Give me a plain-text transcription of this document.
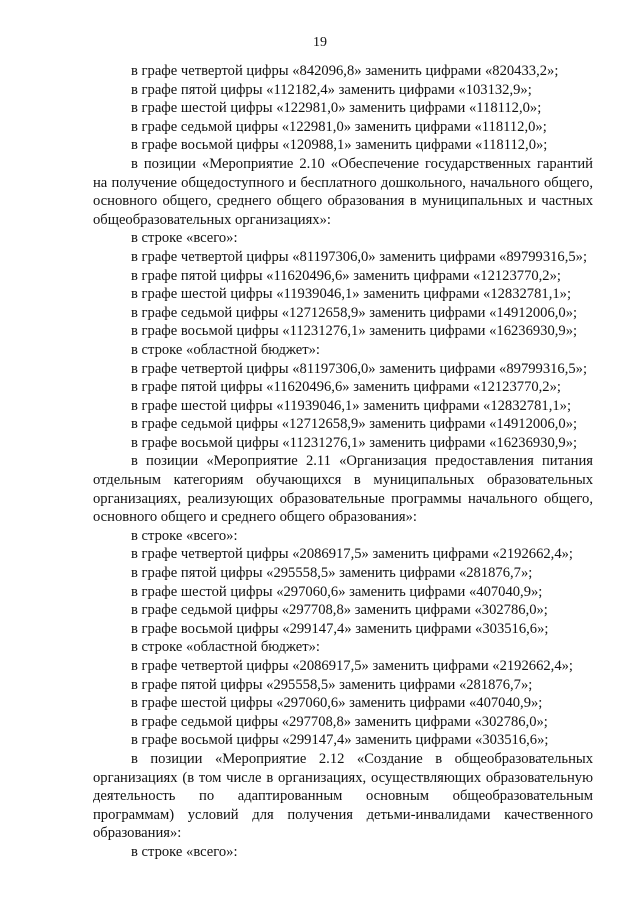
19

в графе четвертой цифры «842096,8» заменить цифрами «820433,2»;

в графе пятой цифры «112182,4» заменить цифрами «103132,9»;

в графе шестой цифры «122981,0» заменить цифрами «118112,0»;

в графе седьмой цифры «122981,0» заменить цифрами «118112,0»;

в графе восьмой цифры «120988,1» заменить цифрами «118112,0»;

в позиции «Мероприятие 2.10 «Обеспечение государственных гарантий на получение общедоступного и бесплатного дошкольного, начального общего, основного общего, среднего общего образования в муниципальных и частных общеобразовательных организациях»:

в строке «всего»:

в графе четвертой цифры «81197306,0» заменить цифрами «89799316,5»;

в графе пятой цифры «11620496,6» заменить цифрами «12123770,2»;

в графе шестой цифры «11939046,1» заменить цифрами «12832781,1»;

в графе седьмой цифры «12712658,9» заменить цифрами «14912006,0»;

в графе восьмой цифры «11231276,1» заменить цифрами «16236930,9»;

в строке «областной бюджет»:

в графе четвертой цифры «81197306,0» заменить цифрами «89799316,5»;

в графе пятой цифры «11620496,6» заменить цифрами «12123770,2»;

в графе шестой цифры «11939046,1» заменить цифрами «12832781,1»;

в графе седьмой цифры «12712658,9» заменить цифрами «14912006,0»;

в графе восьмой цифры «11231276,1» заменить цифрами «16236930,9»;

в позиции «Мероприятие 2.11 «Организация предоставления питания отдельным категориям обучающихся в муниципальных образовательных организациях, реализующих образовательные программы начального общего, основного общего и среднего общего образования»:

в строке «всего»:

в графе четвертой цифры «2086917,5» заменить цифрами «2192662,4»;

в графе пятой цифры «295558,5» заменить цифрами «281876,7»;

в графе шестой цифры «297060,6» заменить цифрами «407040,9»;

в графе седьмой цифры «297708,8» заменить цифрами «302786,0»;

в графе восьмой цифры «299147,4» заменить цифрами «303516,6»;

в строке «областной бюджет»:

в графе четвертой цифры «2086917,5» заменить цифрами «2192662,4»;

в графе пятой цифры «295558,5» заменить цифрами «281876,7»;

в графе шестой цифры «297060,6» заменить цифрами «407040,9»;

в графе седьмой цифры «297708,8» заменить цифрами «302786,0»;

в графе восьмой цифры «299147,4» заменить цифрами «303516,6»;

в позиции «Мероприятие 2.12 «Создание в общеобразовательных организациях (в том числе в организациях, осуществляющих образовательную деятельность по адаптированным основным общеобразовательным программам) условий для получения детьми-инвалидами качественного образования»:

в строке «всего»:
